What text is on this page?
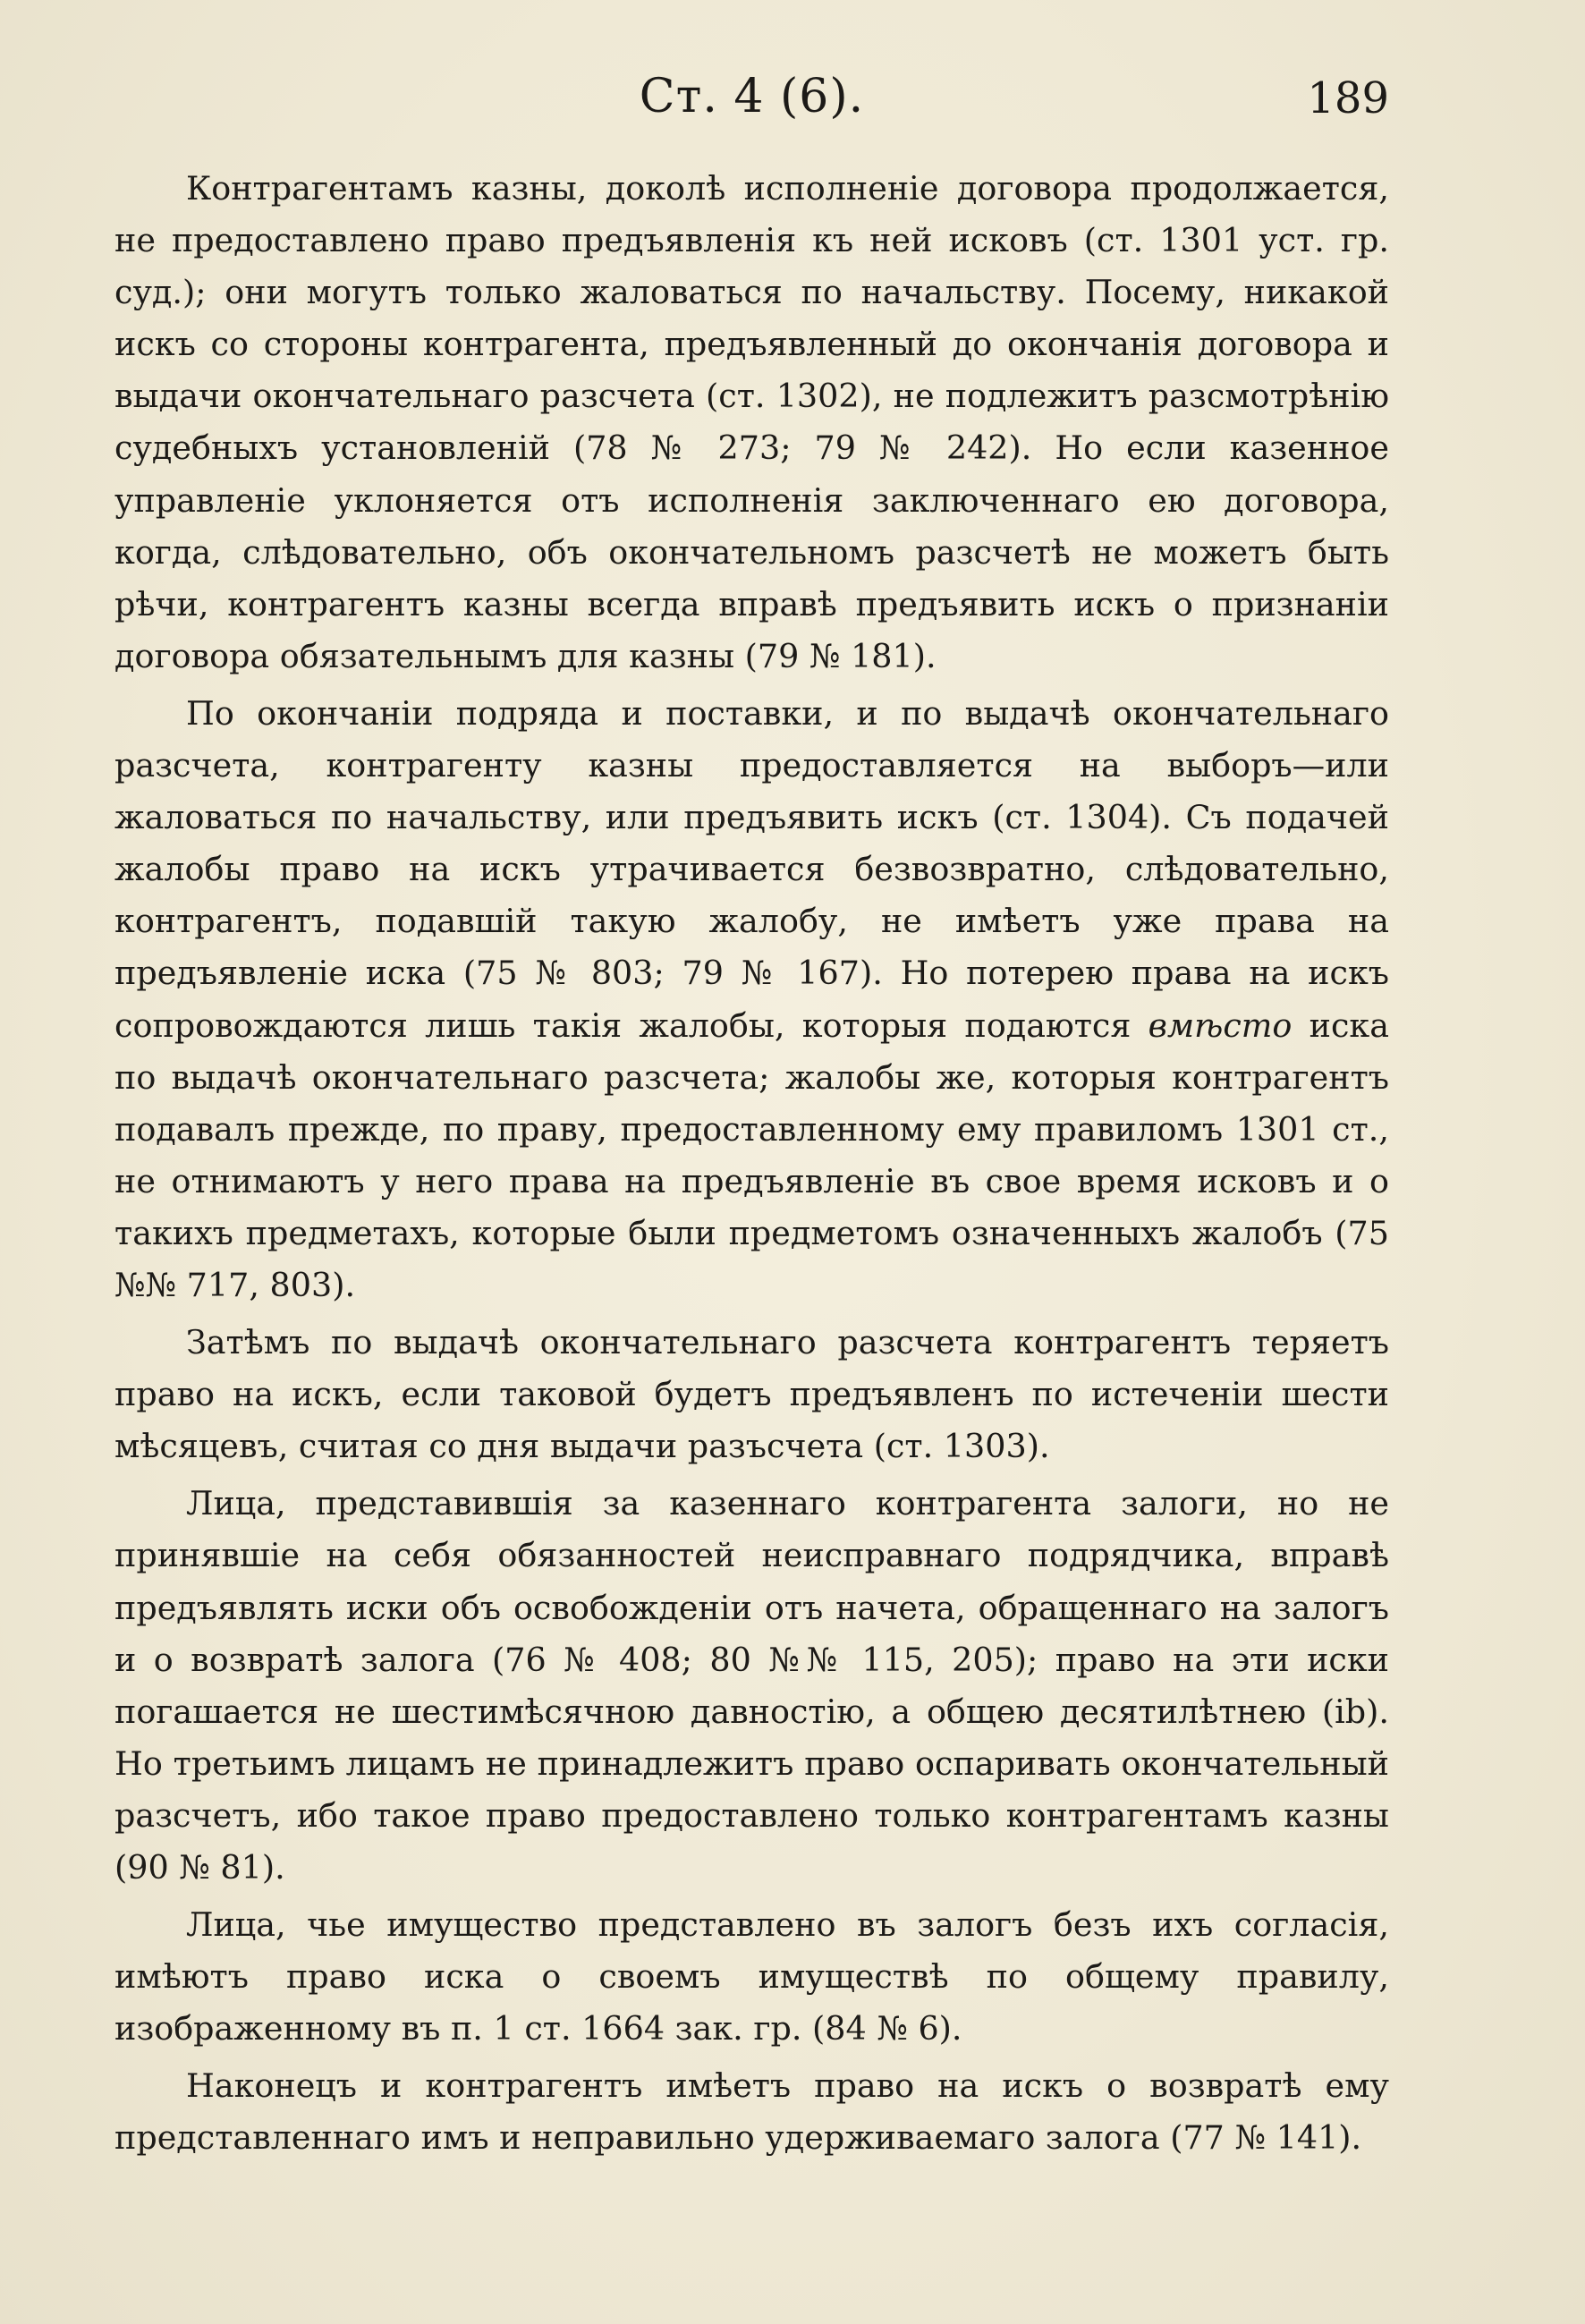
Ст. 4 (6).	189

Контрагентамъ казны, доколѣ исполненіе договора продолжается, не предоставлено право предъявленія къ ней исковъ (ст. 1301 уст. гр. суд.); они могутъ только жаловаться по начальству. Посему, никакой искъ со стороны контрагента, предъявленный до окончанія договора и выдачи окончательнаго разсчета (ст. 1302), не подлежитъ разсмотрѣнію судебныхъ установленій (78 № 273; 79 № 242). Но если казенное управленіе уклоняется отъ исполненія заключеннаго ею договора, когда, слѣдовательно, объ окончательномъ разсчетѣ не можетъ быть рѣчи, контрагентъ казны всегда вправѣ предъявить искъ о признаніи договора обязательнымъ для казны (79 № 181).

По окончаніи подряда и поставки, и по выдачѣ окончательнаго разсчета, контрагенту казны предоставляется на выборъ—или жаловаться по начальству, или предъявить искъ (ст. 1304). Съ подачей жалобы право на искъ утрачивается безвозвратно, слѣдовательно, контрагентъ, подавшій такую жалобу, не имѣетъ уже права на предъявленіе иска (75 № 803; 79 № 167). Но потерею права на искъ сопровождаются лишь такія жалобы, которыя подаются вмѣсто иска по выдачѣ окончательнаго разсчета; жалобы же, которыя контрагентъ подавалъ прежде, по праву, предоставленному ему правиломъ 1301 ст., не отнимаютъ у него права на предъявленіе въ свое время исковъ и о такихъ предметахъ, которые были предметомъ означенныхъ жалобъ (75 №№ 717, 803).

Затѣмъ по выдачѣ окончательнаго разсчета контрагентъ теряетъ право на искъ, если таковой будетъ предъявленъ по истеченіи шести мѣсяцевъ, считая со дня выдачи разъсчета (ст. 1303).

Лица, представившія за казеннаго контрагента залоги, но не принявшіе на себя обязанностей неисправнаго подрядчика, вправѣ предъявлять иски объ освобожденіи отъ начета, обращеннаго на залогъ и о возвратѣ залога (76 № 408; 80 №№ 115, 205); право на эти иски погашается не шестимѣсячною давностію, а общею десятилѣтнею (ib). Но третьимъ лицамъ не принадлежитъ право оспаривать окончательный разсчетъ, ибо такое право предоставлено только контрагентамъ казны (90 № 81).

Лица, чье имущество представлено въ залогъ безъ ихъ согласія, имѣютъ право иска о своемъ имуществѣ по общему правилу, изображенному въ п. 1 ст. 1664 зак. гр. (84 № 6).

Наконецъ и контрагентъ имѣетъ право на искъ о возвратѣ ему представленнаго имъ и неправильно удерживаемаго залога (77 № 141).
